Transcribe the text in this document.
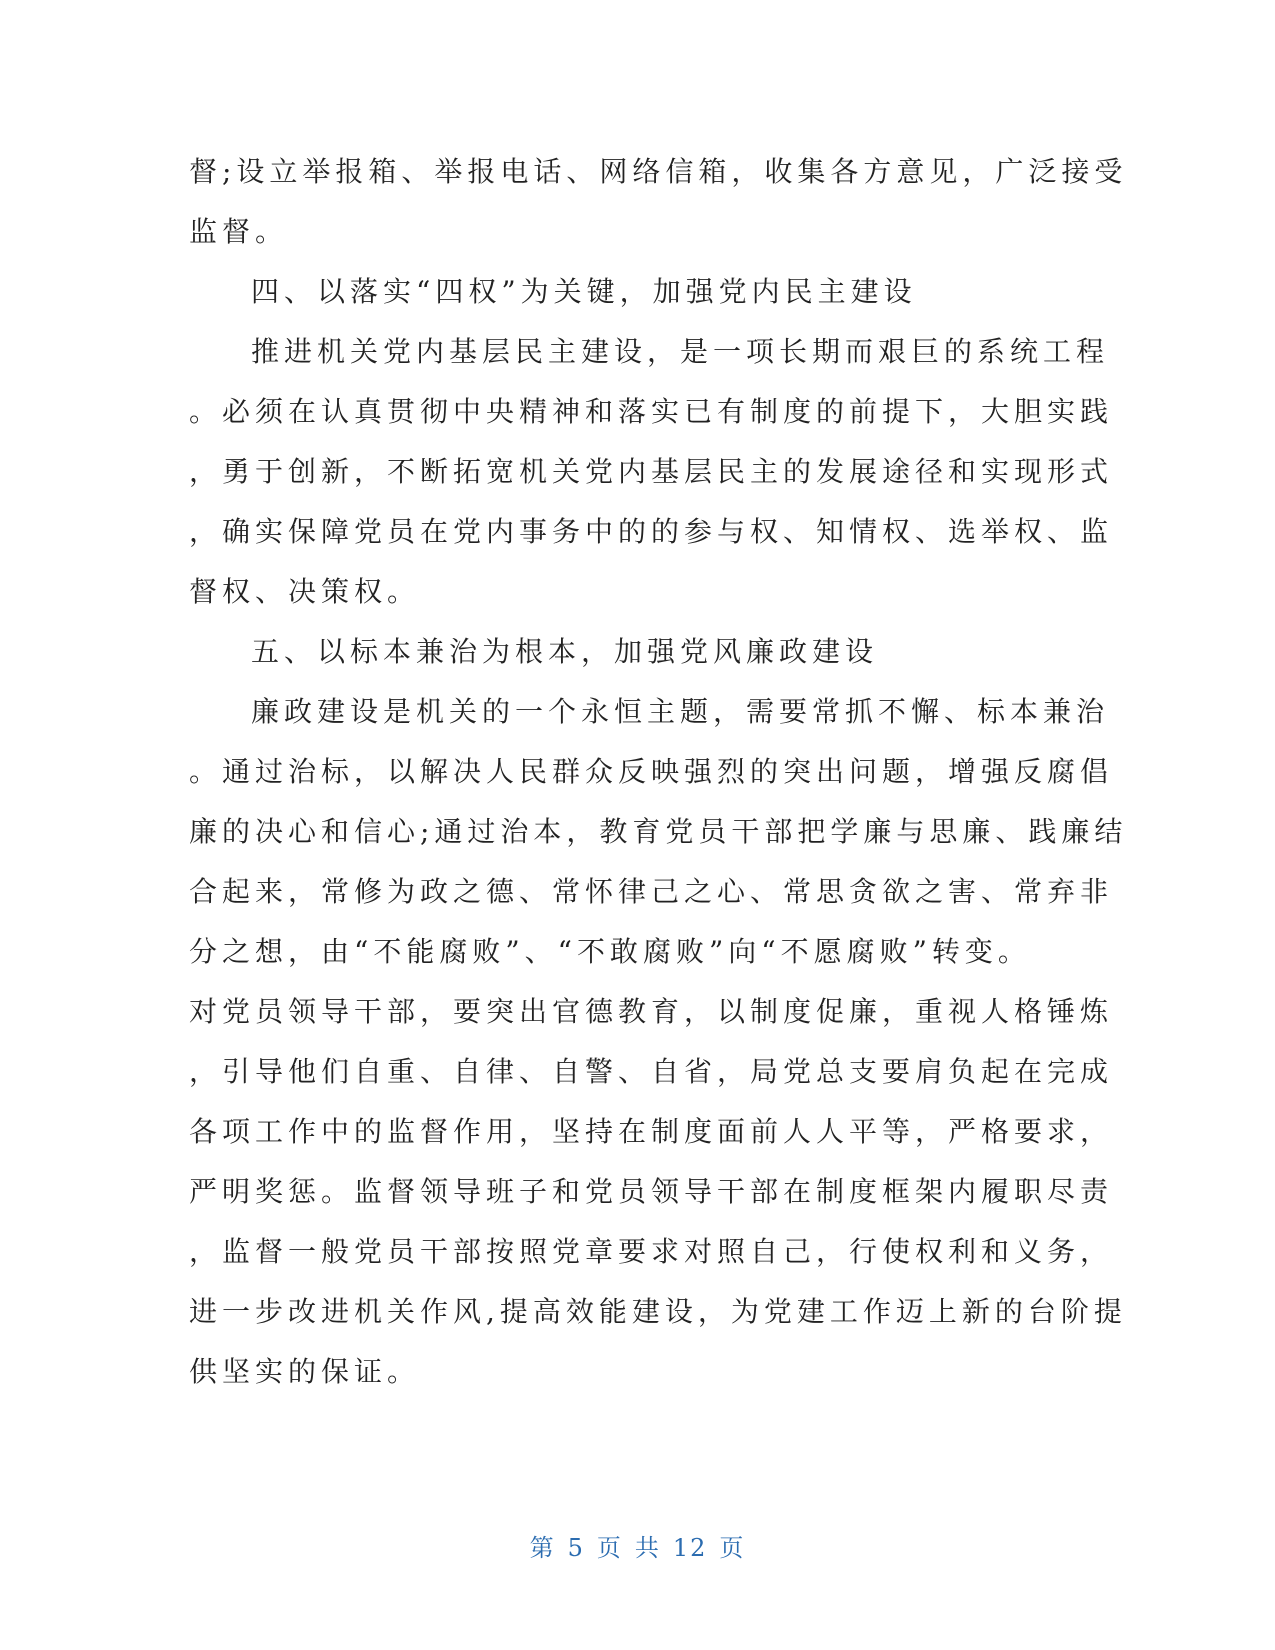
督;设立举报箱、举报电话、网络信箱，收集各方意见，广泛接受
监督。
四、以落实“四权”为关键，加强党内民主建设
推进机关党内基层民主建设，是一项长期而艰巨的系统工程
。必须在认真贯彻中央精神和落实已有制度的前提下，大胆实践
，勇于创新，不断拓宽机关党内基层民主的发展途径和实现形式
，确实保障党员在党内事务中的的参与权、知情权、选举权、监
督权、决策权。
五、以标本兼治为根本，加强党风廉政建设
廉政建设是机关的一个永恒主题，需要常抓不懈、标本兼治
。通过治标，以解决人民群众反映强烈的突出问题，增强反腐倡
廉的决心和信心;通过治本，教育党员干部把学廉与思廉、践廉结
合起来，常修为政之德、常怀律己之心、常思贪欲之害、常弃非
分之想，由“不能腐败”、“不敢腐败”向“不愿腐败”转变。
对党员领导干部，要突出官德教育，以制度促廉，重视人格锤炼
，引导他们自重、自律、自警、自省，局党总支要肩负起在完成
各项工作中的监督作用，坚持在制度面前人人平等，严格要求，
严明奖惩。监督领导班子和党员领导干部在制度框架内履职尽责
，监督一般党员干部按照党章要求对照自己，行使权利和义务，
进一步改进机关作风,提高效能建设，为党建工作迈上新的台阶提
供坚实的保证。
第 5 页 共 12 页
